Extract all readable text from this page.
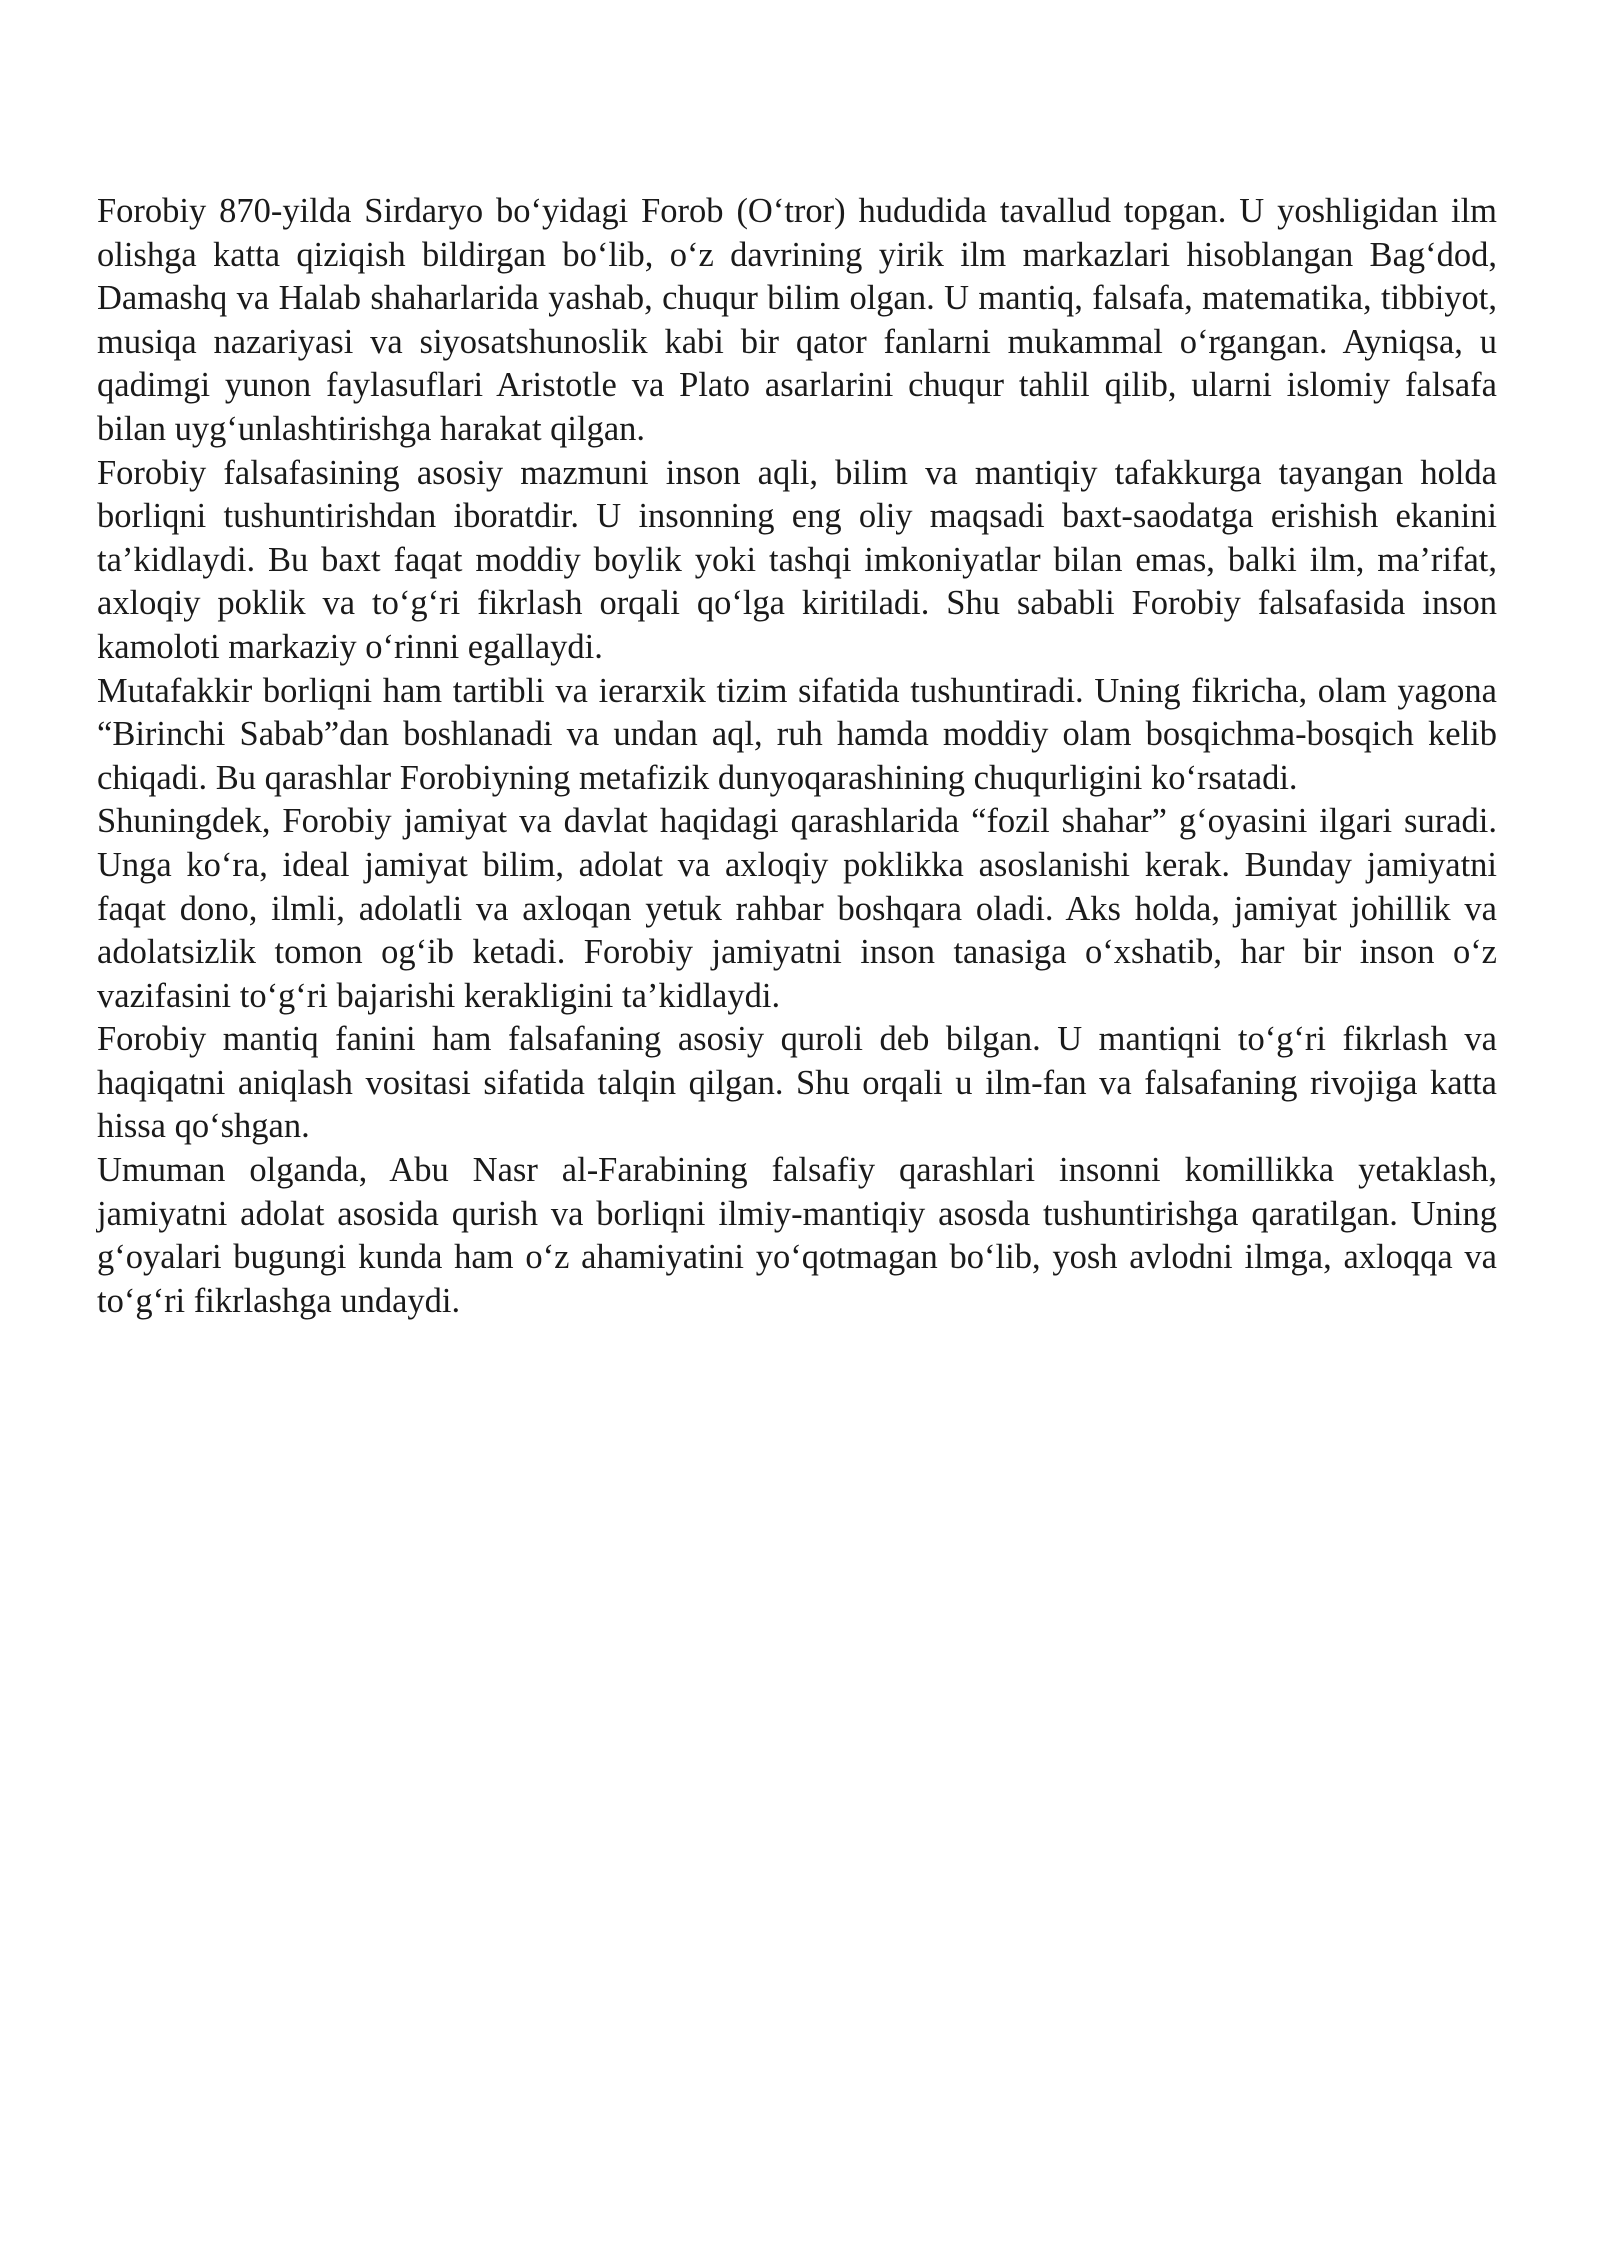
Forobiy 870-yilda Sirdaryo bo‘yidagi Forob (O‘tror) hududida tavallud topgan. U yoshligidan ilm olishga katta qiziqish bildirgan bo‘lib, o‘z davrining yirik ilm markazlari hisoblangan Bag‘dod, Damashq va Halab shaharlarida yashab, chuqur bilim olgan. U mantiq, falsafa, matematika, tibbiyot, musiqa nazariyasi va siyosatshunoslik kabi bir qator fanlarni mukammal o‘rgangan. Ayniqsa, u qadimgi yunon faylasuflari Aristotle va Plato asarlarini chuqur tahlil qilib, ularni islomiy falsafa bilan uyg‘unlashtirishga harakat qilgan.

Forobiy falsafasining asosiy mazmuni inson aqli, bilim va mantiqiy tafakkurga tayangan holda borliqni tushuntirishdan iboratdir. U insonning eng oliy maqsadi baxt-saodatga erishish ekanini ta’kidlaydi. Bu baxt faqat moddiy boylik yoki tashqi imkoniyatlar bilan emas, balki ilm, ma’rifat, axloqiy poklik va to‘g‘ri fikrlash orqali qo‘lga kiritiladi. Shu sababli Forobiy falsafasida inson kamoloti markaziy o‘rinni egallaydi.

Mutafakkir borliqni ham tartibli va ierarxik tizim sifatida tushuntiradi. Uning fikricha, olam yagona “Birinchi Sabab”dan boshlanadi va undan aql, ruh hamda moddiy olam bosqichma-bosqich kelib chiqadi. Bu qarashlar Forobiyning metafizik dunyoqarashining chuqurligini ko‘rsatadi.

Shuningdek, Forobiy jamiyat va davlat haqidagi qarashlarida “fozil shahar” g‘oyasini ilgari suradi. Unga ko‘ra, ideal jamiyat bilim, adolat va axloqiy poklikka asoslanishi kerak. Bunday jamiyatni faqat dono, ilmli, adolatli va axloqan yetuk rahbar boshqara oladi. Aks holda, jamiyat johillik va adolatsizlik tomon og‘ib ketadi. Forobiy jamiyatni inson tanasiga o‘xshatib, har bir inson o‘z vazifasini to‘g‘ri bajarishi kerakligini ta’kidlaydi.

Forobiy mantiq fanini ham falsafaning asosiy quroli deb bilgan. U mantiqni to‘g‘ri fikrlash va haqiqatni aniqlash vositasi sifatida talqin qilgan. Shu orqali u ilm-fan va falsafaning rivojiga katta hissa qo‘shgan.

Umuman olganda, Abu Nasr al-Farabining falsafiy qarashlari insonni komillikka yetaklash, jamiyatni adolat asosida qurish va borliqni ilmiy-mantiqiy asosda tushuntirishga qaratilgan. Uning g‘oyalari bugungi kunda ham o‘z ahamiyatini yo‘qotmagan bo‘lib, yosh avlodni ilmga, axloqqa va to‘g‘ri fikrlashga undaydi.
